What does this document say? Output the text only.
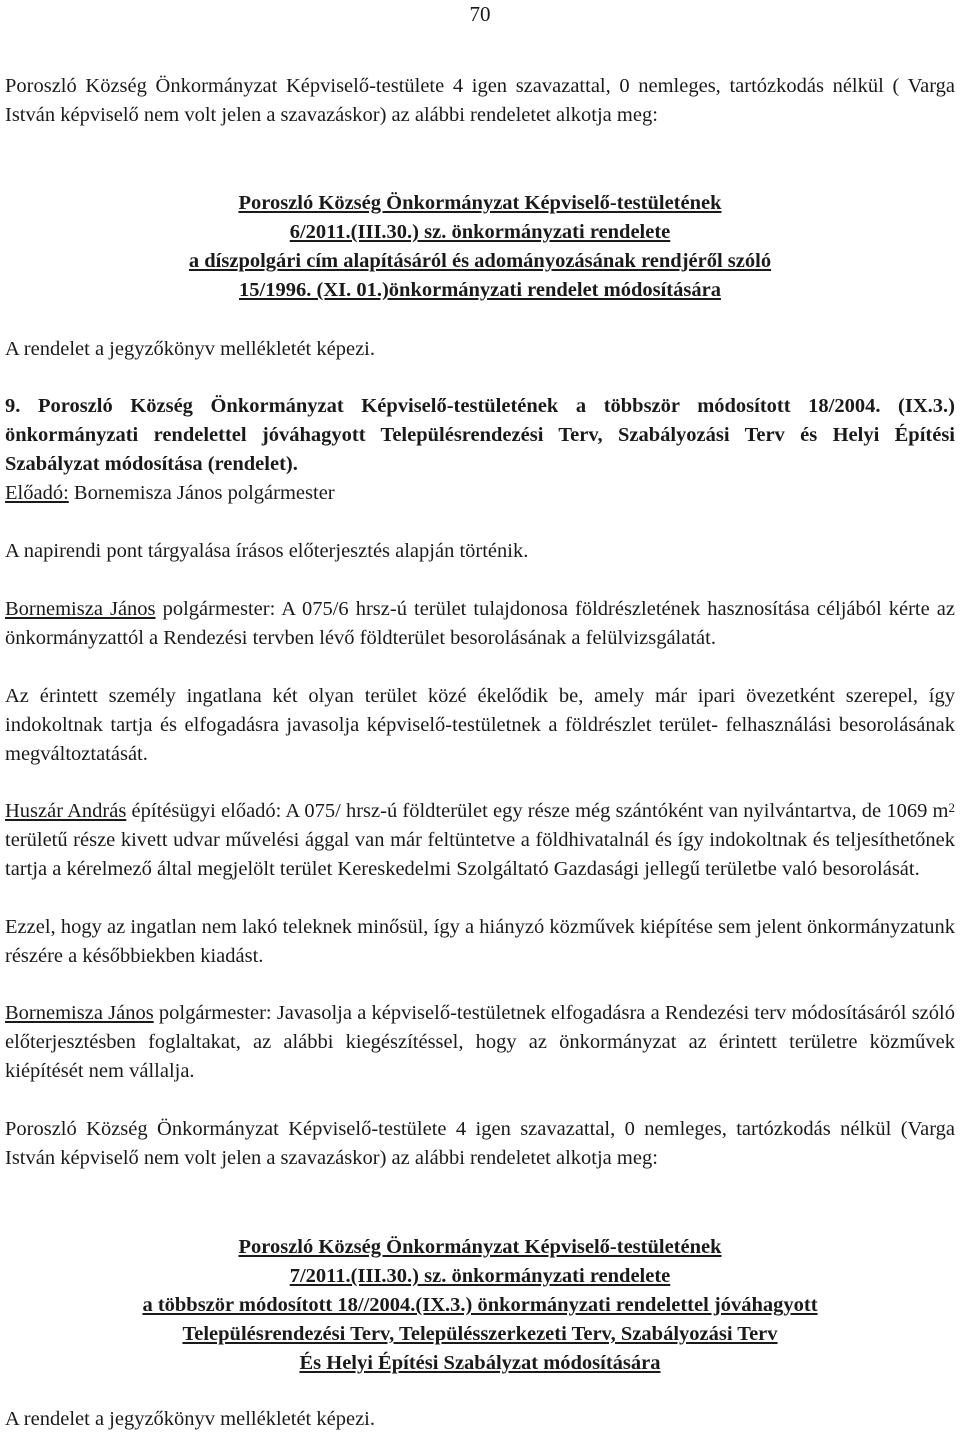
70

Poroszló Község Önkormányzat Képviselő-testülete 4 igen szavazattal, 0 nemleges, tartózkodás nélkül ( Varga István képviselő nem volt jelen a szavazáskor) az alábbi rendeletet alkotja meg:

Poroszló Község Önkormányzat Képviselő-testületének
6/2011.(III.30.) sz. önkormányzati rendelete
a díszpolgári cím alapításáról és adományozásának rendjéről szóló
15/1996. (XI. 01.)önkormányzati rendelet módosítására

A rendelet a jegyzőkönyv mellékletét képezi.

9. Poroszló Község Önkormányzat Képviselő-testületének a többször módosított 18/2004. (IX.3.) önkormányzati rendelettel jóváhagyott Településrendezési Terv, Szabályozási Terv és Helyi Építési Szabályzat módosítása (rendelet).

Előadó: Bornemisza János polgármester

A napirendi pont tárgyalása írásos előterjesztés alapján történik.

Bornemisza János polgármester: A 075/6 hrsz-ú terület tulajdonosa földrészletének hasznosítása céljából kérte az önkormányzattól a Rendezési tervben lévő földterület besorolásának a felülvizsgálatát.

Az érintett személy ingatlana két olyan terület közé ékelődik be, amely már ipari övezetként szerepel, így indokoltnak tartja és elfogadásra javasolja képviselő-testületnek a földrészlet terület- felhasználási besorolásának megváltoztatását.

Huszár András építésügyi előadó: A 075/ hrsz-ú földterület egy része még szántóként van nyilvántartva, de 1069 $m^2$ területű része kivett udvar művelési ággal van már feltüntetve a földhivatalnál és így indokoltnak és teljesíthetőnek tartja a kérelmező által megjelölt terület Kereskedelmi Szolgáltató Gazdasági jellegű területbe való besorolását.

Ezzel, hogy az ingatlan nem lakó teleknek minősül, így a hiányzó közművek kiépítése sem jelent önkormányzatunk részére a későbbiekben kiadást.

Bornemisza János polgármester: Javasolja a képviselő-testületnek elfogadásra a Rendezési terv módosításáról szóló előterjesztésben foglaltakat, az alábbi kiegészítéssel, hogy az önkormányzat az érintett területre közművek kiépítését nem vállalja.

Poroszló Község Önkormányzat Képviselő-testülete 4 igen szavazattal, 0 nemleges, tartózkodás nélkül (Varga István képviselő nem volt jelen a szavazáskor) az alábbi rendeletet alkotja meg:

Poroszló Község Önkormányzat Képviselő-testületének
7/2011.(III.30.) sz. önkormányzati rendelete
a többször módosított 18//2004.(IX.3.) önkormányzati rendelettel jóváhagyott
Településrendezési Terv, Településszerkezeti Terv, Szabályozási Terv
És Helyi Építési Szabályzat módosítására

A rendelet a jegyzőkönyv mellékletét képezi.
